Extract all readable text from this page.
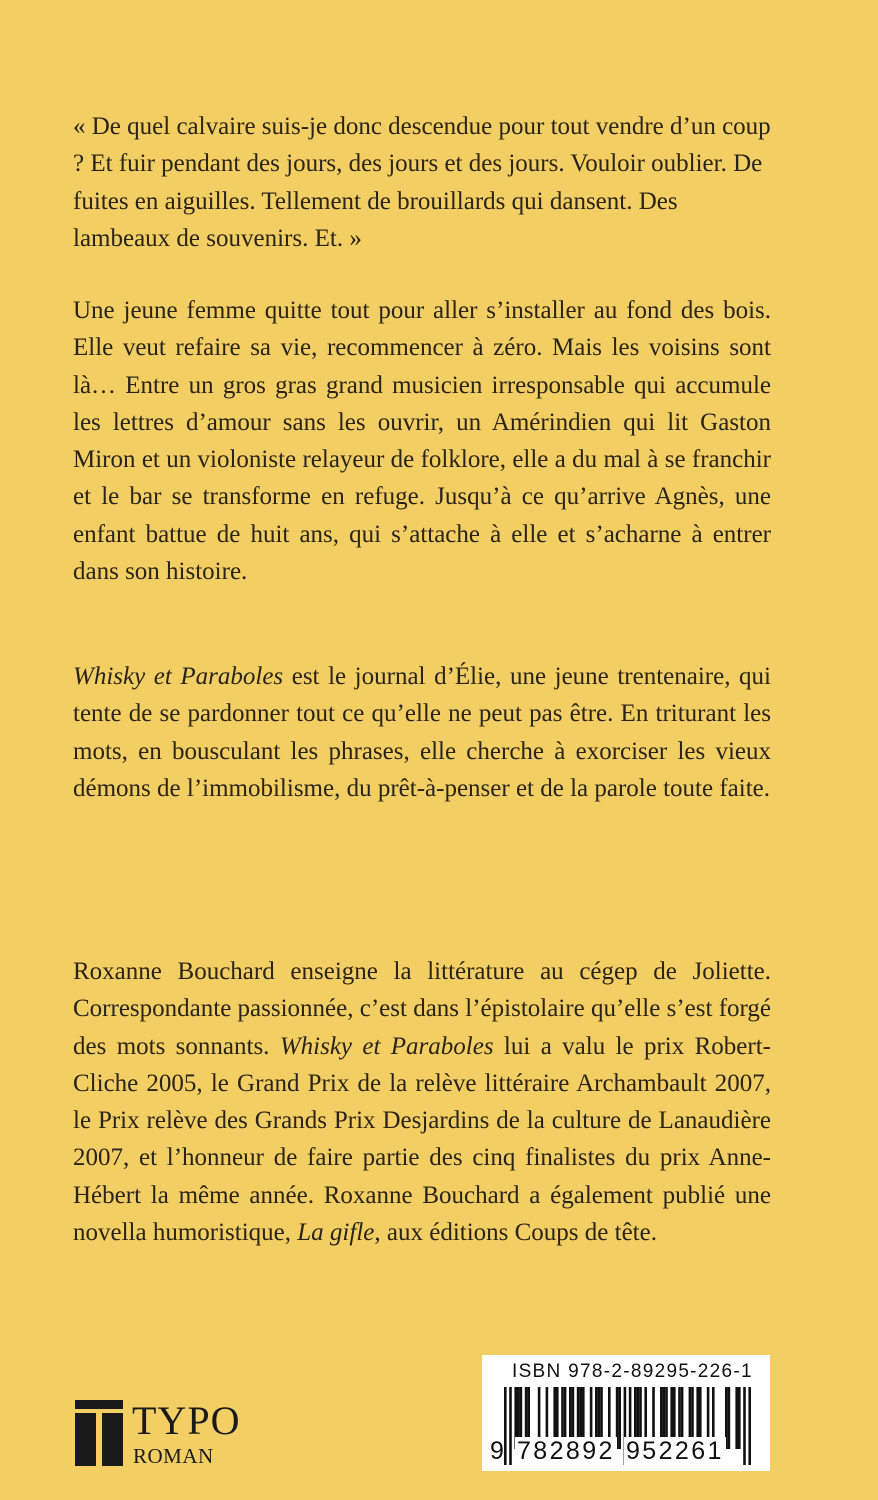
« De quel calvaire suis-je donc descendue pour tout vendre d’un coup ? Et fuir pendant des jours, des jours et des jours. Vouloir oublier. De fuites en aiguilles. Tellement de brouillards qui dansent. Des lambeaux de souvenirs. Et. »

Une jeune femme quitte tout pour aller s’installer au fond des bois. Elle veut refaire sa vie, recommencer à zéro. Mais les voisins sont là… Entre un gros gras grand musicien irresponsable qui accumule les lettres d’amour sans les ouvrir, un Amérindien qui lit Gaston Miron et un violoniste relayeur de folklore, elle a du mal à se franchir et le bar se transforme en refuge. Jusqu’à ce qu’arrive Agnès, une enfant battue de huit ans, qui s’attache à elle et s’acharne à entrer dans son histoire.

Whisky et Paraboles est le journal d’Élie, une jeune trentenaire, qui tente de se pardonner tout ce qu’elle ne peut pas être. En triturant les mots, en bousculant les phrases, elle cherche à exorciser les vieux démons de l’immobilisme, du prêt-à-penser et de la parole toute faite.

Roxanne Bouchard enseigne la littérature au cégep de Joliette. Correspondante passionnée, c’est dans l’épistolaire qu’elle s’est forgé des mots sonnants. Whisky et Paraboles lui a valu le prix Robert-Cliche 2005, le Grand Prix de la relève littéraire Archambault 2007, le Prix relève des Grands Prix Desjardins de la culture de Lanaudière 2007, et l’honneur de faire partie des cinq finalistes du prix Anne-Hébert la même année. Roxanne Bouchard a également publié une novella humoristique, La gifle, aux éditions Coups de tête.

TYPO
ROMAN
ISBN 978-2-89295-226-1
9 782892 952261
